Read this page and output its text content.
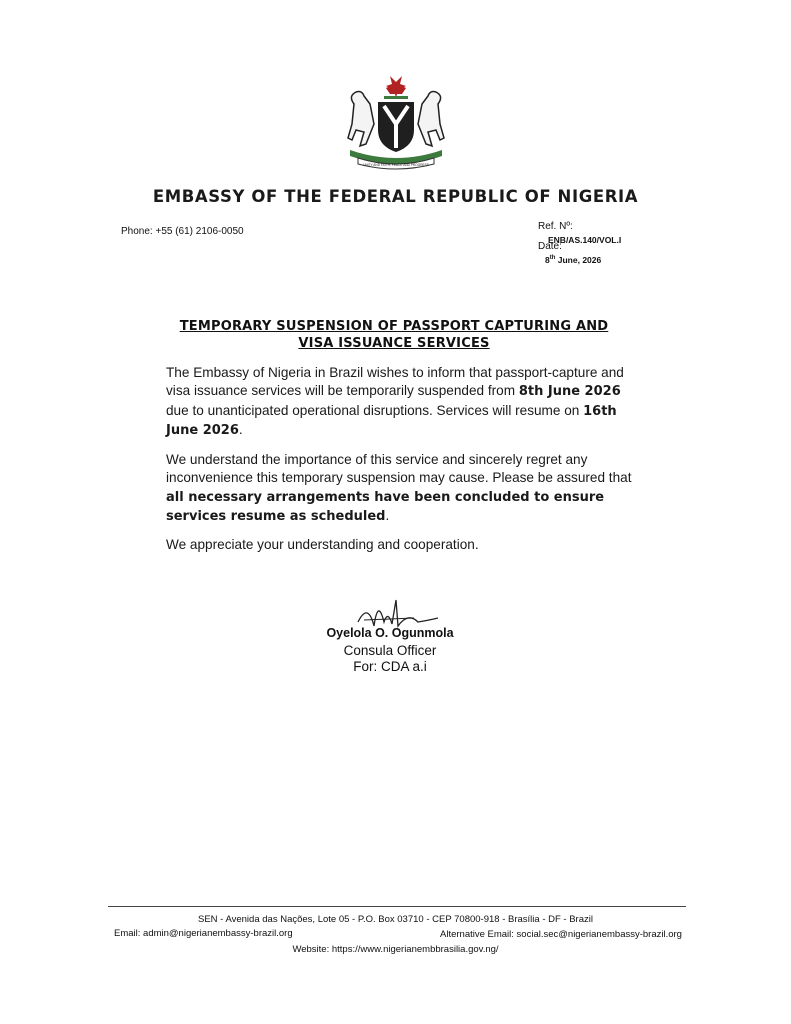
UNITY AND FAITH, PEACE AND PROGRESS
EMBASSY OF THE FEDERAL REPUBLIC OF NIGERIA
Phone: +55 (61) 2106-0050	Ref. Nº:
ENB/AS.140/VOL.I
Date:
8th June, 2026
TEMPORARY SUSPENSION OF PASSPORT CAPTURING AND
VISA ISSUANCE SERVICES
The Embassy of Nigeria in Brazil wishes to inform that passport-capture and visa issuance services will be temporarily suspended from 8th June 2026 due to unanticipated operational disruptions. Services will resume on 16th June 2026.
We understand the importance of this service and sincerely regret any inconvenience this temporary suspension may cause. Please be assured that all necessary arrangements have been concluded to ensure services resume as scheduled.
We appreciate your understanding and cooperation.
Oyelola O. Ogunmola
Consula Officer
For: CDA a.i
SEN - Avenida das Nações, Lote 05 - P.O. Box 03710 - CEP 70800-918 - Brasília - DF - Brazil
Email: admin@nigerianembassy-brazil.org	Alternative Email: social.sec@nigerianembassy-brazil.org
Website: https://www.nigerianembbrasilia.gov.ng/
